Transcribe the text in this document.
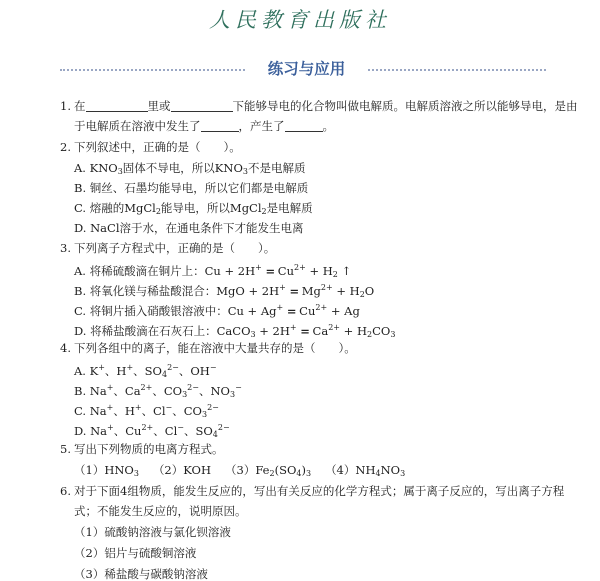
人民教育出版社
练习与应用
1. 在	里或	下能够导电的化合物叫做电解质。电解质溶液之所以能够导电，是由
于电解质在溶液中发生了	，产生了	。
2. 下列叙述中，正确的是（　　）。
A. $KNO_3$固体不导电，所以$KNO_3$不是电解质
B. 铜丝、石墨均能导电，所以它们都是电解质
C. 熔融的MgCl$_2$能导电，所以MgCl$_2$是电解质
D. NaCl溶于水，在通电条件下才能发生电离
3. 下列离子方程式中，正确的是（　　）。
A. 将稀硫酸滴在铜片上：$Cu + 2H^+ = Cu^{2+} + H_2$ ↑
B. 将氧化镁与稀盐酸混合：MgO + $2H^+ = Mg^{2+} + H_2O$
C. 将铜片插入硝酸银溶液中：$Cu + Ag^+ = Cu^{2+} + Ag$
D. 将稀盐酸滴在石灰石上：CaCO$_3$ + $2H^+ = Ca^{2+} + H_2CO_3$
4. 下列各组中的离子，能在溶液中大量共存的是（　　）。
A. K+、H+、$SO_4^{2-}$、OH−
B. Na+、$Ca^{2+}$、$CO_3^{2-}$、$NO_3^-$
C. Na+、H+、Cl−、$CO_3^{2-}$
D. Na+、$Cu^{2+}$、Cl−、$SO_4^{2-}$
5. 写出下列物质的电离方程式。
$(1)HNO_3$ （2）KOH $(3)Fe_2(SO_4)_3$ $(4)NH_4NO_3$
6. 对于下面4组物质，能发生反应的，写出有关反应的化学方程式；属于离子反应的，写出离子方程
式；不能发生反应的，说明原因。
（1）硫酸钠溶液与氯化钡溶液
（2）铝片与硫酸铜溶液
（3）稀盐酸与碳酸钠溶液
